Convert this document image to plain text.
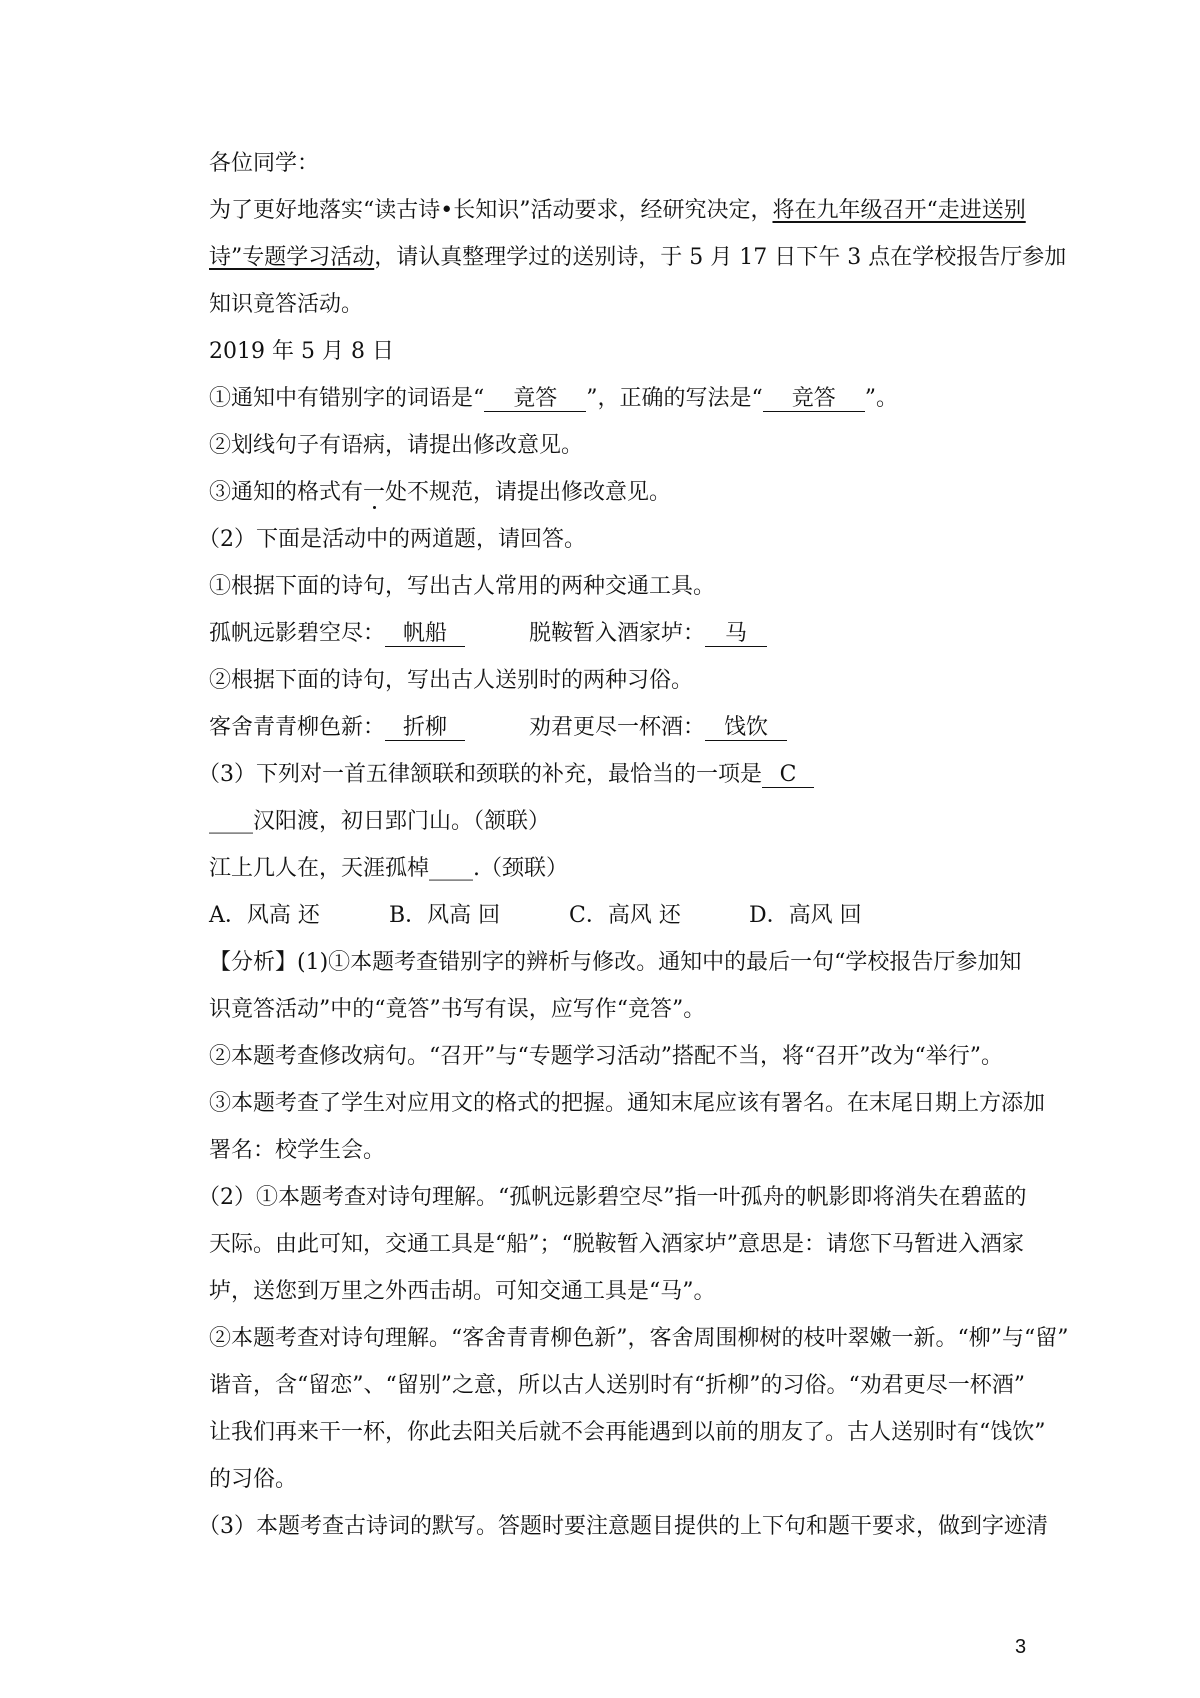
各位同学：
为了更好地落实“读古诗•长知识”活动要求，经研究决定，将在九年级召开“走进送别
诗”专题学习活动，请认真整理学过的送别诗，于 5 月 17 日下午 3 点在学校报告厅参加
知识竟答活动。
2019 年 5 月 8 日
①通知中有错别字的词语是“ 竟答 ”，正确的写法是“ 竞答 ”。
②划线句子有语病，请提出修改意见。
③通知的格式有一处不规范，请提出修改意见。
（2）下面是活动中的两道题，请回答。
①根据下面的诗句，写出古人常用的两种交通工具。
孤帆远影碧空尽： 帆船	脱鞍暂入酒家垆： 马
②根据下面的诗句，写出古人送别时的两种习俗。
客舍青青柳色新： 折柳	劝君更尽一杯酒： 饯饮
（3）下列对一首五律颔联和颈联的补充，最恰当的一项是 C
____汉阳渡，初日郢门山。（颔联）
江上几人在，天涯孤棹____.（颈联）
A．风高 还	B．风高 回	C．高风 还	D．高风 回
【分析】(1)①本题考查错别字的辨析与修改。通知中的最后一句“学校报告厅参加知
识竟答活动”中的“竟答”书写有误，应写作“竞答”。
②本题考查修改病句。“召开”与“专题学习活动”搭配不当，将“召开”改为“举行”。
③本题考查了学生对应用文的格式的把握。通知末尾应该有署名。在末尾日期上方添加
署名：校学生会。
（2）①本题考查对诗句理解。“孤帆远影碧空尽”指一叶孤舟的帆影即将消失在碧蓝的
天际。由此可知，交通工具是“船”；“脱鞍暂入酒家垆”意思是：请您下马暂进入酒家
垆，送您到万里之外西击胡。可知交通工具是“马”。
②本题考查对诗句理解。“客舍青青柳色新”，客舍周围柳树的枝叶翠嫩一新。“柳”与“留”
谐音，含“留恋”、“留别”之意，所以古人送别时有“折柳”的习俗。“劝君更尽一杯酒”
让我们再来干一杯，你此去阳关后就不会再能遇到以前的朋友了。古人送别时有“饯饮”
的习俗。
（3）本题考查古诗词的默写。答题时要注意题目提供的上下句和题干要求，做到字迹清
3
